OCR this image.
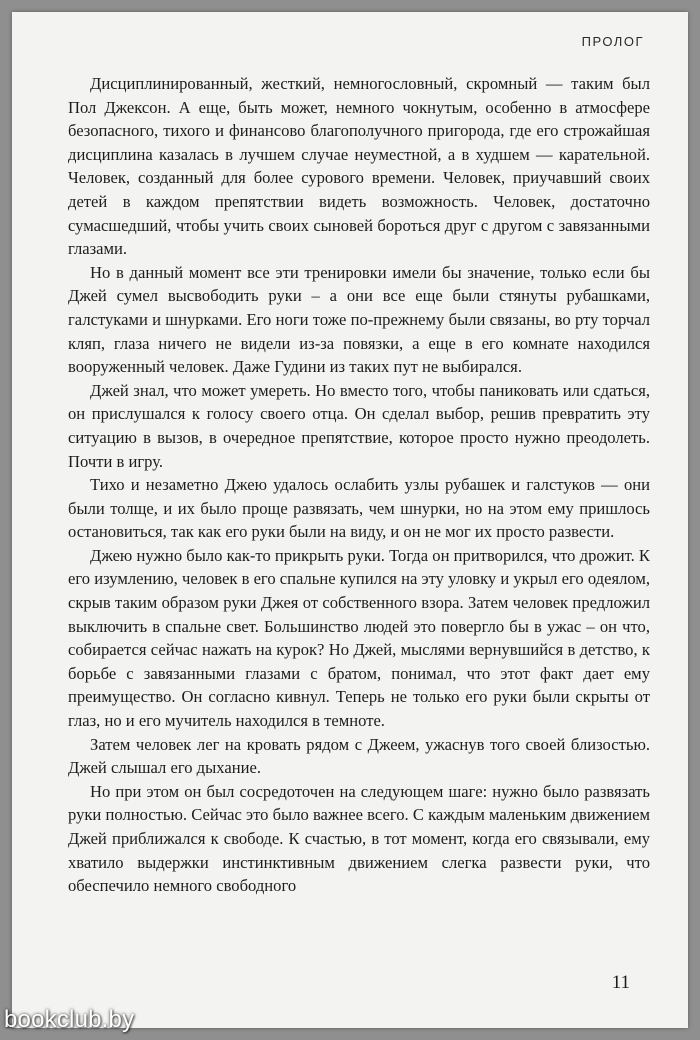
ПРОЛОГ

Дисциплинированный, жесткий, немногословный, скромный — таким был Пол Джексон. А еще, быть может, немного чокнутым, особенно в атмосфере безопасного, тихого и финансово благополучного пригорода, где его строжайшая дисциплина казалась в лучшем случае неуместной, а в худшем — карательной. Человек, созданный для более сурового времени. Человек, приучавший своих детей в каждом препятствии видеть возможность. Человек, достаточно сумасшедший, чтобы учить своих сыновей бороться друг с другом с завязанными глазами.

Но в данный момент все эти тренировки имели бы значение, только если бы Джей сумел высвободить руки – а они все еще были стянуты рубашками, галстуками и шнурками. Его ноги тоже по-прежнему были связаны, во рту торчал кляп, глаза ничего не видели из-за повязки, а еще в его комнате находился вооруженный человек. Даже Гудини из таких пут не выбирался.

Джей знал, что может умереть. Но вместо того, чтобы паниковать или сдаться, он прислушался к голосу своего отца. Он сделал выбор, решив превратить эту ситуацию в вызов, в очередное препятствие, которое просто нужно преодолеть. Почти в игру.

Тихо и незаметно Джею удалось ослабить узлы рубашек и галстуков — они были толще, и их было проще развязать, чем шнурки, но на этом ему пришлось остановиться, так как его руки были на виду, и он не мог их просто развести.

Джею нужно было как-то прикрыть руки. Тогда он притворился, что дрожит. К его изумлению, человек в его спальне купился на эту уловку и укрыл его одеялом, скрыв таким образом руки Джея от собственного взора. Затем человек предложил выключить в спальне свет. Большинство людей это повергло бы в ужас – он что, собирается сейчас нажать на курок? Но Джей, мыслями вернувшийся в детство, к борьбе с завязанными глазами с братом, понимал, что этот факт дает ему преимущество. Он согласно кивнул. Теперь не только его руки были скрыты от глаз, но и его мучитель находился в темноте.

Затем человек лег на кровать рядом с Джеем, ужаснув того своей близостью. Джей слышал его дыхание.

Но при этом он был сосредоточен на следующем шаге: нужно было развязать руки полностью. Сейчас это было важнее всего. С каждым маленьким движением Джей приближался к свободе. К счастью, в тот момент, когда его связывали, ему хватило выдержки инстинктивным движением слегка развести руки, что обеспечило немного свободного

11
bookclub.by
